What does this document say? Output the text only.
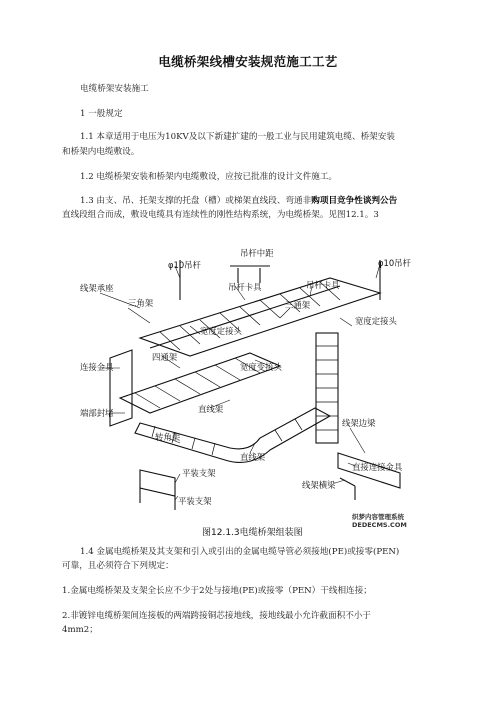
电缆桥架线槽安装规范施工工艺
电缆桥架安装施工
1 一般规定
1.1 本章适用于电压为10KV及以下新建扩建的一般工业与民用建筑电缆、桥架安装
和桥架内电缆敷设。
1.2 电缆桥架安装和桥架内电缆敷设，应按已批准的设计文件施工。
1.3 由支、吊、托架支撑的托盘（槽）或梯架直线段、弯通非购项目竞争性谈判公告
直线段组合而成，敷设电缆具有连续性的刚性结构系统，为电缆桥架。见图12.1。3
φ10吊杆
吊杆中距
φ10吊杆
吊杆卡具	吊杆卡具
线架承座
三角架	三通架
宽度定接头
宽度定接头
四通架
连接金具	宽度变接头
直线架
端部封堵
转角架
直线架
线架边梁
直接连接金具
线架横梁
平装支架
平装支架
图12.1.3电缆桥架组装图
织梦内容管理系统
DEDECMS.COM
1.4 金属电缆桥架及其支架和引入或引出的金属电缆导管必须接地(PE)或接零(PEN)
可靠，且必须符合下列规定：
1.金属电缆桥架及支架全长应不少于2处与接地(PE)或接零（PEN）干线相连接；
2.非镀锌电缆桥架间连接板的两端跨接铜芯接地线，接地线最小允许截面积不小于
4mm2；
